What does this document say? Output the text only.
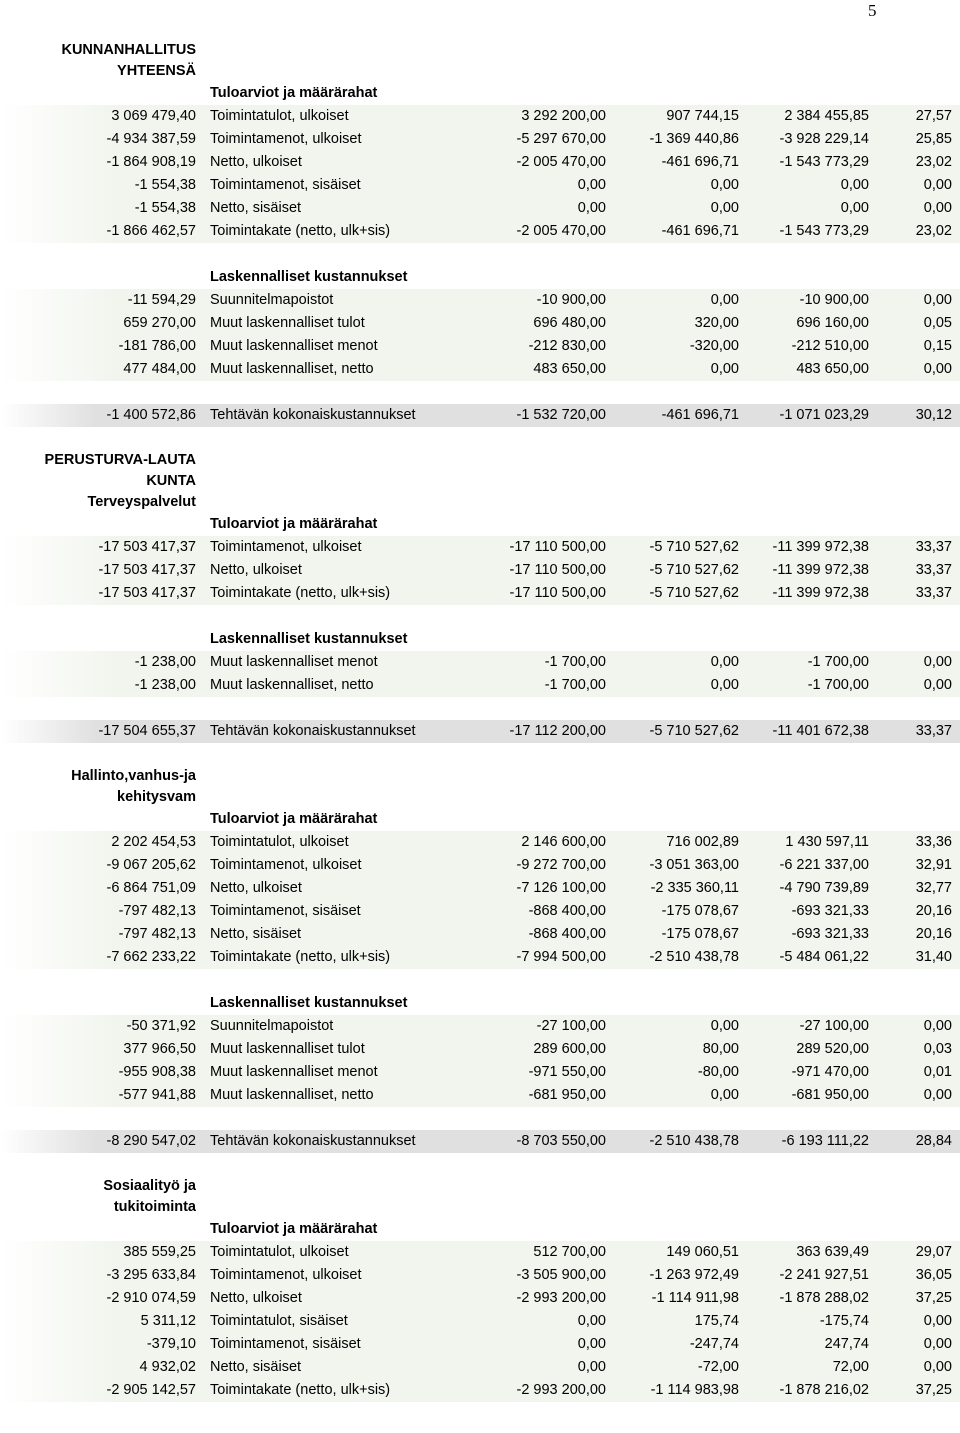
5
KUNNANHALLITUS
YHTEENSÄ
Tuloarviot ja määrärahat
3 069 479,40 Toimintatulot, ulkoiset	3 292 200,00	907 744,15	2 384 455,85	27,57
-4 934 387,59 Toimintamenot, ulkoiset	-5 297 670,00	-1 369 440,86	-3 928 229,14	25,85
-1 864 908,19 Netto, ulkoiset	-2 005 470,00	-461 696,71	-1 543 773,29	23,02
-1 554,38 Toimintamenot, sisäiset	0,00	0,00	0,00	0,00
-1 554,38 Netto, sisäiset	0,00	0,00	0,00	0,00
-1 866 462,57 Toimintakate (netto, ulk+sis)	-2 005 470,00	-461 696,71	-1 543 773,29	23,02
Laskennalliset kustannukset
-11 594,29 Suunnitelmapoistot	-10 900,00	0,00	-10 900,00	0,00
659 270,00 Muut laskennalliset tulot	696 480,00	320,00	696 160,00	0,05
-181 786,00 Muut laskennalliset menot	-212 830,00	-320,00	-212 510,00	0,15
477 484,00 Muut laskennalliset, netto	483 650,00	0,00	483 650,00	0,00
-1 400 572,86 Tehtävän kokonaiskustannukset	-1 532 720,00	-461 696,71	-1 071 023,29	30,12
PERUSTURVA-LAUTA
KUNTA
Terveyspalvelut
Tuloarviot ja määrärahat
-17 503 417,37 Toimintamenot, ulkoiset	-17 110 500,00	-5 710 527,62	-11 399 972,38	33,37
-17 503 417,37 Netto, ulkoiset	-17 110 500,00	-5 710 527,62	-11 399 972,38	33,37
-17 503 417,37 Toimintakate (netto, ulk+sis)	-17 110 500,00	-5 710 527,62	-11 399 972,38	33,37
Laskennalliset kustannukset
-1 238,00 Muut laskennalliset menot	-1 700,00	0,00	-1 700,00	0,00
-1 238,00 Muut laskennalliset, netto	-1 700,00	0,00	-1 700,00	0,00
-17 504 655,37 Tehtävän kokonaiskustannukset	-17 112 200,00	-5 710 527,62	-11 401 672,38	33,37
Hallinto,vanhus-ja
kehitysvam
Tuloarviot ja määrärahat
2 202 454,53 Toimintatulot, ulkoiset	2 146 600,00	716 002,89	1 430 597,11	33,36
-9 067 205,62 Toimintamenot, ulkoiset	-9 272 700,00	-3 051 363,00	-6 221 337,00	32,91
-6 864 751,09 Netto, ulkoiset	-7 126 100,00	-2 335 360,11	-4 790 739,89	32,77
-797 482,13 Toimintamenot, sisäiset	-868 400,00	-175 078,67	-693 321,33	20,16
-797 482,13 Netto, sisäiset	-868 400,00	-175 078,67	-693 321,33	20,16
-7 662 233,22 Toimintakate (netto, ulk+sis)	-7 994 500,00	-2 510 438,78	-5 484 061,22	31,40
Laskennalliset kustannukset
-50 371,92 Suunnitelmapoistot	-27 100,00	0,00	-27 100,00	0,00
377 966,50 Muut laskennalliset tulot	289 600,00	80,00	289 520,00	0,03
-955 908,38 Muut laskennalliset menot	-971 550,00	-80,00	-971 470,00	0,01
-577 941,88 Muut laskennalliset, netto	-681 950,00	0,00	-681 950,00	0,00
-8 290 547,02 Tehtävän kokonaiskustannukset	-8 703 550,00	-2 510 438,78	-6 193 111,22	28,84
Sosiaalityö ja
tukitoiminta
Tuloarviot ja määrärahat
385 559,25 Toimintatulot, ulkoiset	512 700,00	149 060,51	363 639,49	29,07
-3 295 633,84 Toimintamenot, ulkoiset	-3 505 900,00	-1 263 972,49	-2 241 927,51	36,05
-2 910 074,59 Netto, ulkoiset	-2 993 200,00	-1 114 911,98	-1 878 288,02	37,25
5 311,12 Toimintatulot, sisäiset	0,00	175,74	-175,74	0,00
-379,10 Toimintamenot, sisäiset	0,00	-247,74	247,74	0,00
4 932,02 Netto, sisäiset	0,00	-72,00	72,00	0,00
-2 905 142,57 Toimintakate (netto, ulk+sis)	-2 993 200,00	-1 114 983,98	-1 878 216,02	37,25
